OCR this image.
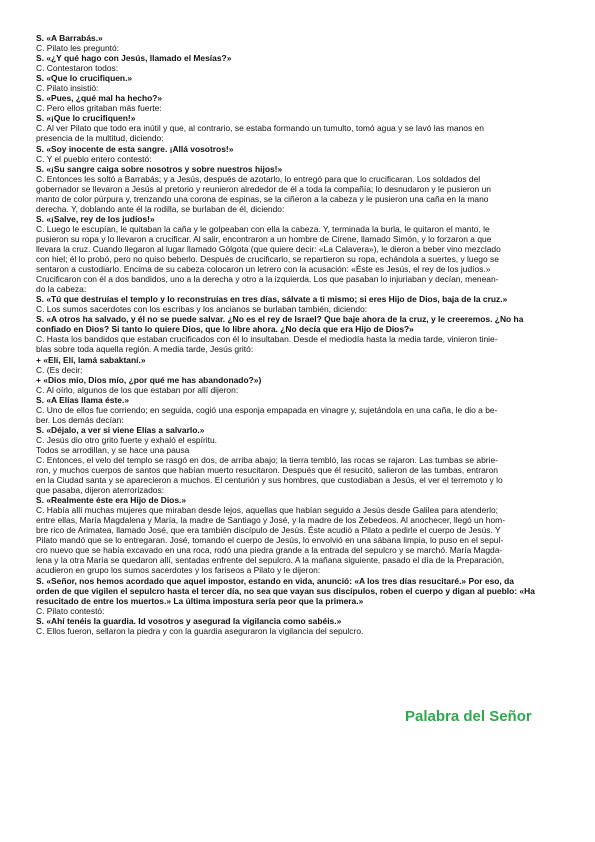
S. «A Barrabás.»
C. Pilato les preguntó:
S. «¿Y qué hago con Jesús, llamado el Mesías?»
C. Contestaron todos:
S. «Que lo crucifiquen.»
C. Pilato insistió:
S. «Pues, ¿qué mal ha hecho?»
C. Pero ellos gritaban más fuerte:
S. «¡Que lo crucifiquen!»
C. Al ver Pilato que todo era inútil y que, al contrario, se estaba formando un tumulto, tomó agua y se lavó las manos en
presencia de la multitud, diciendo:
S. «Soy inocente de esta sangre. ¡Allá vosotros!»
C. Y el pueblo entero contestó:
S. «¡Su sangre caiga sobre nosotros y sobre nuestros hijos!»
C. Entonces les soltó a Barrabás; y a Jesús, después de azotarlo, lo entregó para que lo crucificaran. Los soldados del
gobernador se llevaron a Jesús al pretorio y reunieron alrededor de él a toda la compañía; lo desnudaron y le pusieron un
manto de color púrpura y, trenzando una corona de espinas, se la ciñeron a la cabeza y le pusieron una caña en la mano
derecha. Y, doblando ante él la rodilla, se burlaban de él, diciendo:
S. «¡Salve, rey de los judíos!»
C. Luego le escupían, le quitaban la caña y le golpeaban con ella la cabeza. Y, terminada la burla, le quitaron el manto, le
pusieron su ropa y lo llevaron a crucificar. Al salir, encontraron a un hombre de Cirene, llamado Simón, y lo forzaron a que
llevara la cruz. Cuando llegaron al lugar llamado Gólgota (que quiere decir: «La Calavera»), le dieron a beber vino mezclado
con hiel; él lo probó, pero no quiso beberlo. Después de crucificarlo, se repartieron su ropa, echándola a suertes, y luego se
sentaron a custodiarlo. Encima de su cabeza colocaron un letrero con la acusación: «Éste es Jesús, el rey de los judíos.»
Crucificaron con él a dos bandidos, uno a la derecha y otro a la izquierda. Los que pasaban lo injuriaban y decían, menean-
do la cabeza:
S. «Tú que destruías el templo y lo reconstruías en tres días, sálvate a ti mismo; si eres Hijo de Dios, baja de la cruz.»
C. Los sumos sacerdotes con los escribas y los ancianos se burlaban también, diciendo:
S. «A otros ha salvado, y él no se puede salvar. ¿No es el rey de Israel? Que baje ahora de la cruz, y le creeremos. ¿No ha
confiado en Dios? Si tanto lo quiere Dios, que lo libre ahora. ¿No decía que era Hijo de Dios?»
C. Hasta los bandidos que estaban crucificados con él lo insultaban. Desde el mediodía hasta la media tarde, vinieron tinie-
blas sobre toda aquella región. A media tarde, Jesús gritó:
+ «Elí, Elí, lamá sabaktaní.»
C. (Es decir:
+ «Dios mío, Dios mío, ¿por qué me has abandonado?»)
C. Al oírlo, algunos de los que estaban por allí dijeron:
S. «A Elías llama éste.»
C. Uno de ellos fue corriendo; en seguida, cogió una esponja empapada en vinagre y, sujetándola en una caña, le dio a be-
ber. Los demás decían:
S. «Déjalo, a ver si viene Elías a salvarlo.»
C. Jesús dio otro grito fuerte y exhaló el espíritu.
Todos se arrodillan, y se hace una pausa
C. Entonces, el velo del templo se rasgó en dos, de arriba abajo; la tierra tembló, las rocas se rajaron. Las tumbas se abrie-
ron, y muchos cuerpos de santos que habían muerto resucitaron. Después que él resucitó, salieron de las tumbas, entraron
en la Ciudad santa y se aparecieron a muchos. El centurión y sus hombres, que custodiaban a Jesús, el ver el terremoto y lo
que pasaba, dijeron aterrorizados:
S. «Realmente éste era Hijo de Dios.»
C. Había allí muchas mujeres que miraban desde lejos, aquellas que habían seguido a Jesús desde Galilea para atenderlo;
entre ellas, María Magdalena y María, la madre de Santiago y José, y la madre de los Zebedeos. Al anochecer, llegó un hom-
bre rico de Arimatea, llamado José, que era también discípulo de Jesús. Éste acudió a Pilato a pedirle el cuerpo de Jesús. Y
Pilato mandó que se lo entregaran. José, tomando el cuerpo de Jesús, lo envolvió en una sábana limpia, lo puso en el sepul-
cro nuevo que se había excavado en una roca, rodó una piedra grande a la entrada del sepulcro y se marchó. María Magda-
lena y la otra María se quedaron allí, sentadas enfrente del sepulcro. A la mañana siguiente, pasado el día de la Preparación,
acudieron en grupo los sumos sacerdotes y los fariseos a Pilato y le dijeron:
S. «Señor, nos hemos acordado que aquel impostor, estando en vida, anunció: «A los tres días resucitaré.» Por eso, da
orden de que vigilen el sepulcro hasta el tercer día, no sea que vayan sus discípulos, roben el cuerpo y digan al pueblo: «Ha
resucitado de entre los muertos.» La última impostura sería peor que la primera.»
C. Pilato contestó:
S. «Ahí tenéis la guardia. Id vosotros y asegurad la vigilancia como sabéis.»
C. Ellos fueron, sellaron la piedra y con la guardia aseguraron la vigilancia del sepulcro.
Palabra del Señor
